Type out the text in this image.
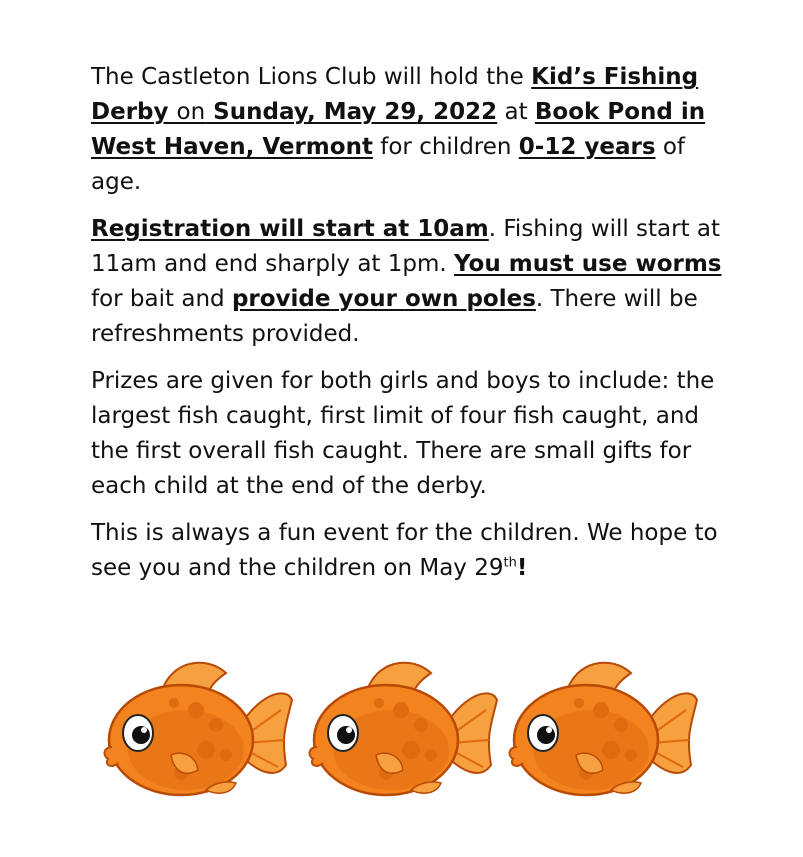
The Castleton Lions Club will hold the Kid’s Fishing Derby on Sunday, May 29, 2022 at Book Pond in West Haven, Vermont for children 0-12 years of age.

Registration will start at 10am. Fishing will start at 11am and end sharply at 1pm. You must use worms for bait and provide your own poles. There will be refreshments provided.

Prizes are given for both girls and boys to include: the largest fish caught, first limit of four fish caught, and the first overall fish caught. There are small gifts for each child at the end of the derby.

This is always a fun event for the children. We hope to see you and the children on May 29th!
